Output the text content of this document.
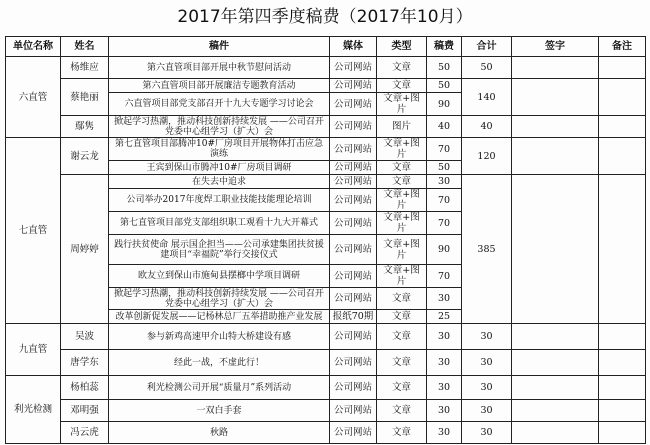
2017年第四季度稿费（2017年10月）
单位名称	姓名	稿件	媒体	类型	稿费	合计	签字	备注
六直管	杨维应	第六直管项目部开展中秋节慰问活动	公司网站	文章	50	50		
	蔡艳丽	第六直管项目部开展廉洁专题教育活动	公司网站	文章	50	140		
		六直管项目部党支部召开十九大专题学习讨论会	公司网站	文章+图片	90			
	鄢隽	掀起学习热潮，推动科技创新持续发展 ——公司召开党委中心组学习（扩大）会	公司网站	图片	40	40		
七直管	谢云龙	第七直管项目部腾冲10#厂房项目开展物体打击应急演练	公司网站	文章+图片	70	120		
		王宾到保山市腾冲10#厂房项目调研	公司网站	文章	50			
	周婷婷	在失去中追求	公司网站	文章	30	385		
		公司举办2017年度焊工职业技能技能理论培训	公司网站	文章+图片	70			
		第七直管项目部党支部组织职工观看十九大开幕式	公司网站	文章+图片	70			
		践行扶贫使命 展示国企担当——公司承建集团扶贫援建项目“幸福院”举行交接仪式	公司网站	文章+图片	90			
		欧友立到保山市施甸县摆榔中学项目调研	公司网站	文章+图片	70			
		掀起学习热潮，推动科技创新持续发展 ——公司召开党委中心组学习（扩大）会	公司网站	文章	30			
		改革创新促发展——记杨林总厂五举措助推产业发展	报纸70期	文章	25			
九直管	吴波	参与新鸡高速甲介山特大桥建设有感	公司网站	文章	30	30		
	唐学东	经此一战，不虚此行！	公司网站	文章	30	30		
利光检测	杨柏蕊	利光检测公司开展“质量月”系列活动	公司网站	文章	30	30		
	邓明强	一双白手套	公司网站	文章	30	30		
	冯云虎	秋路	公司网站	文章	30	30		
